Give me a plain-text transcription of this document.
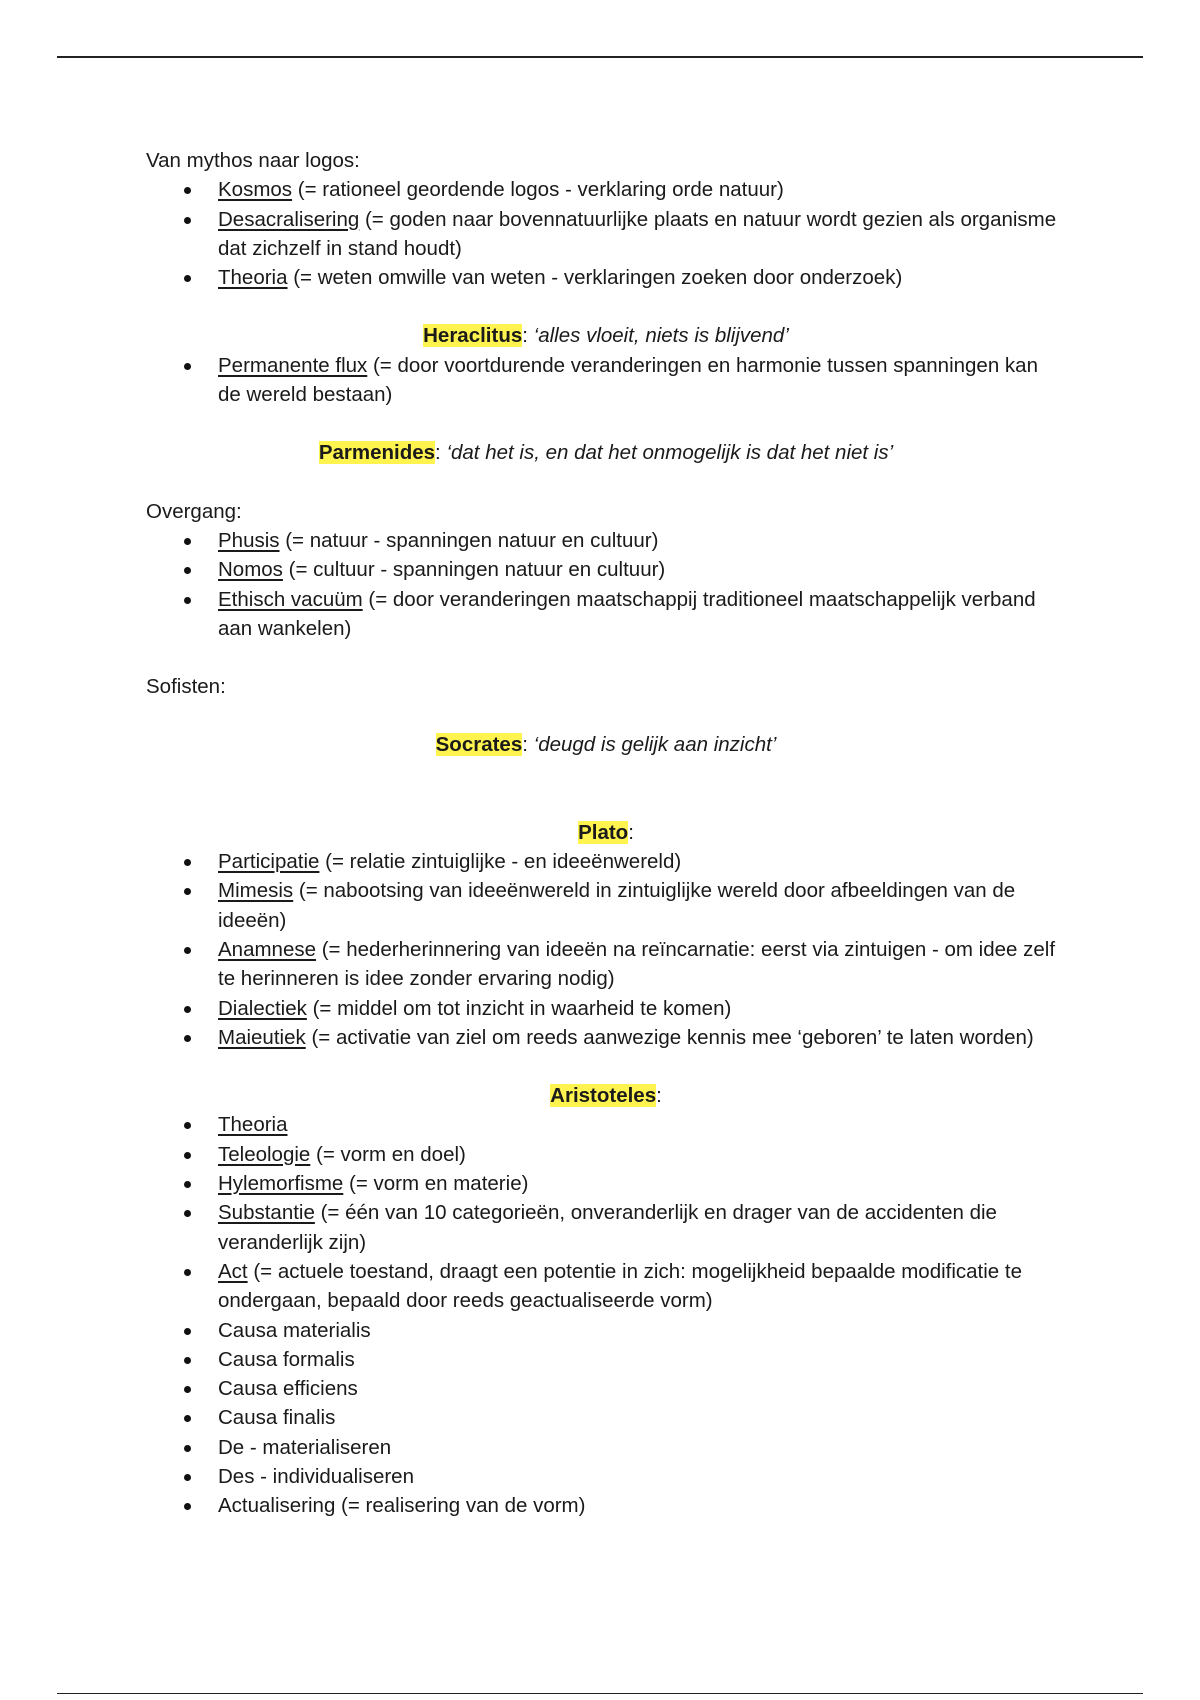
Van mythos naar logos:

Kosmos (= rationeel geordende logos - verklaring orde natuur)
Desacralisering (= goden naar bovennatuurlijke plaats en natuur wordt gezien als organisme dat zichzelf in stand houdt)
Theoria (= weten omwille van weten - verklaringen zoeken door onderzoek)

Heraclitus: ‘alles vloeit, niets is blijvend’

Permanente flux (= door voortdurende veranderingen en harmonie tussen spanningen kan de wereld bestaan)

Parmenides: ‘dat het is, en dat het onmogelijk is dat het niet is’

Overgang:

Phusis (= natuur - spanningen natuur en cultuur)
Nomos (= cultuur - spanningen natuur en cultuur)
Ethisch vacuüm (= door veranderingen maatschappij traditioneel maatschappelijk verband aan wankelen)

Sofisten:

Socrates: ‘deugd is gelijk aan inzicht’

Plato:

Participatie (= relatie zintuiglijke - en ideeënwereld)
Mimesis (= nabootsing van ideeënwereld in zintuiglijke wereld door afbeeldingen van de ideeën)
Anamnese (= hederherinnering van ideeën na reïncarnatie: eerst via zintuigen - om idee zelf te herinneren is idee zonder ervaring nodig)
Dialectiek (= middel om tot inzicht in waarheid te komen)
Maieutiek (= activatie van ziel om reeds aanwezige kennis mee ‘geboren’ te laten worden)

Aristoteles:

Theoria
Teleologie (= vorm en doel)
Hylemorfisme (= vorm en materie)
Substantie (= één van 10 categorieën, onveranderlijk en drager van de accidenten die veranderlijk zijn)
Act (= actuele toestand, draagt een potentie in zich: mogelijkheid bepaalde modificatie te ondergaan, bepaald door reeds geactualiseerde vorm)
Causa materialis
Causa formalis
Causa efficiens
Causa finalis
De - materialiseren
Des - individualiseren
Actualisering (= realisering van de vorm)
